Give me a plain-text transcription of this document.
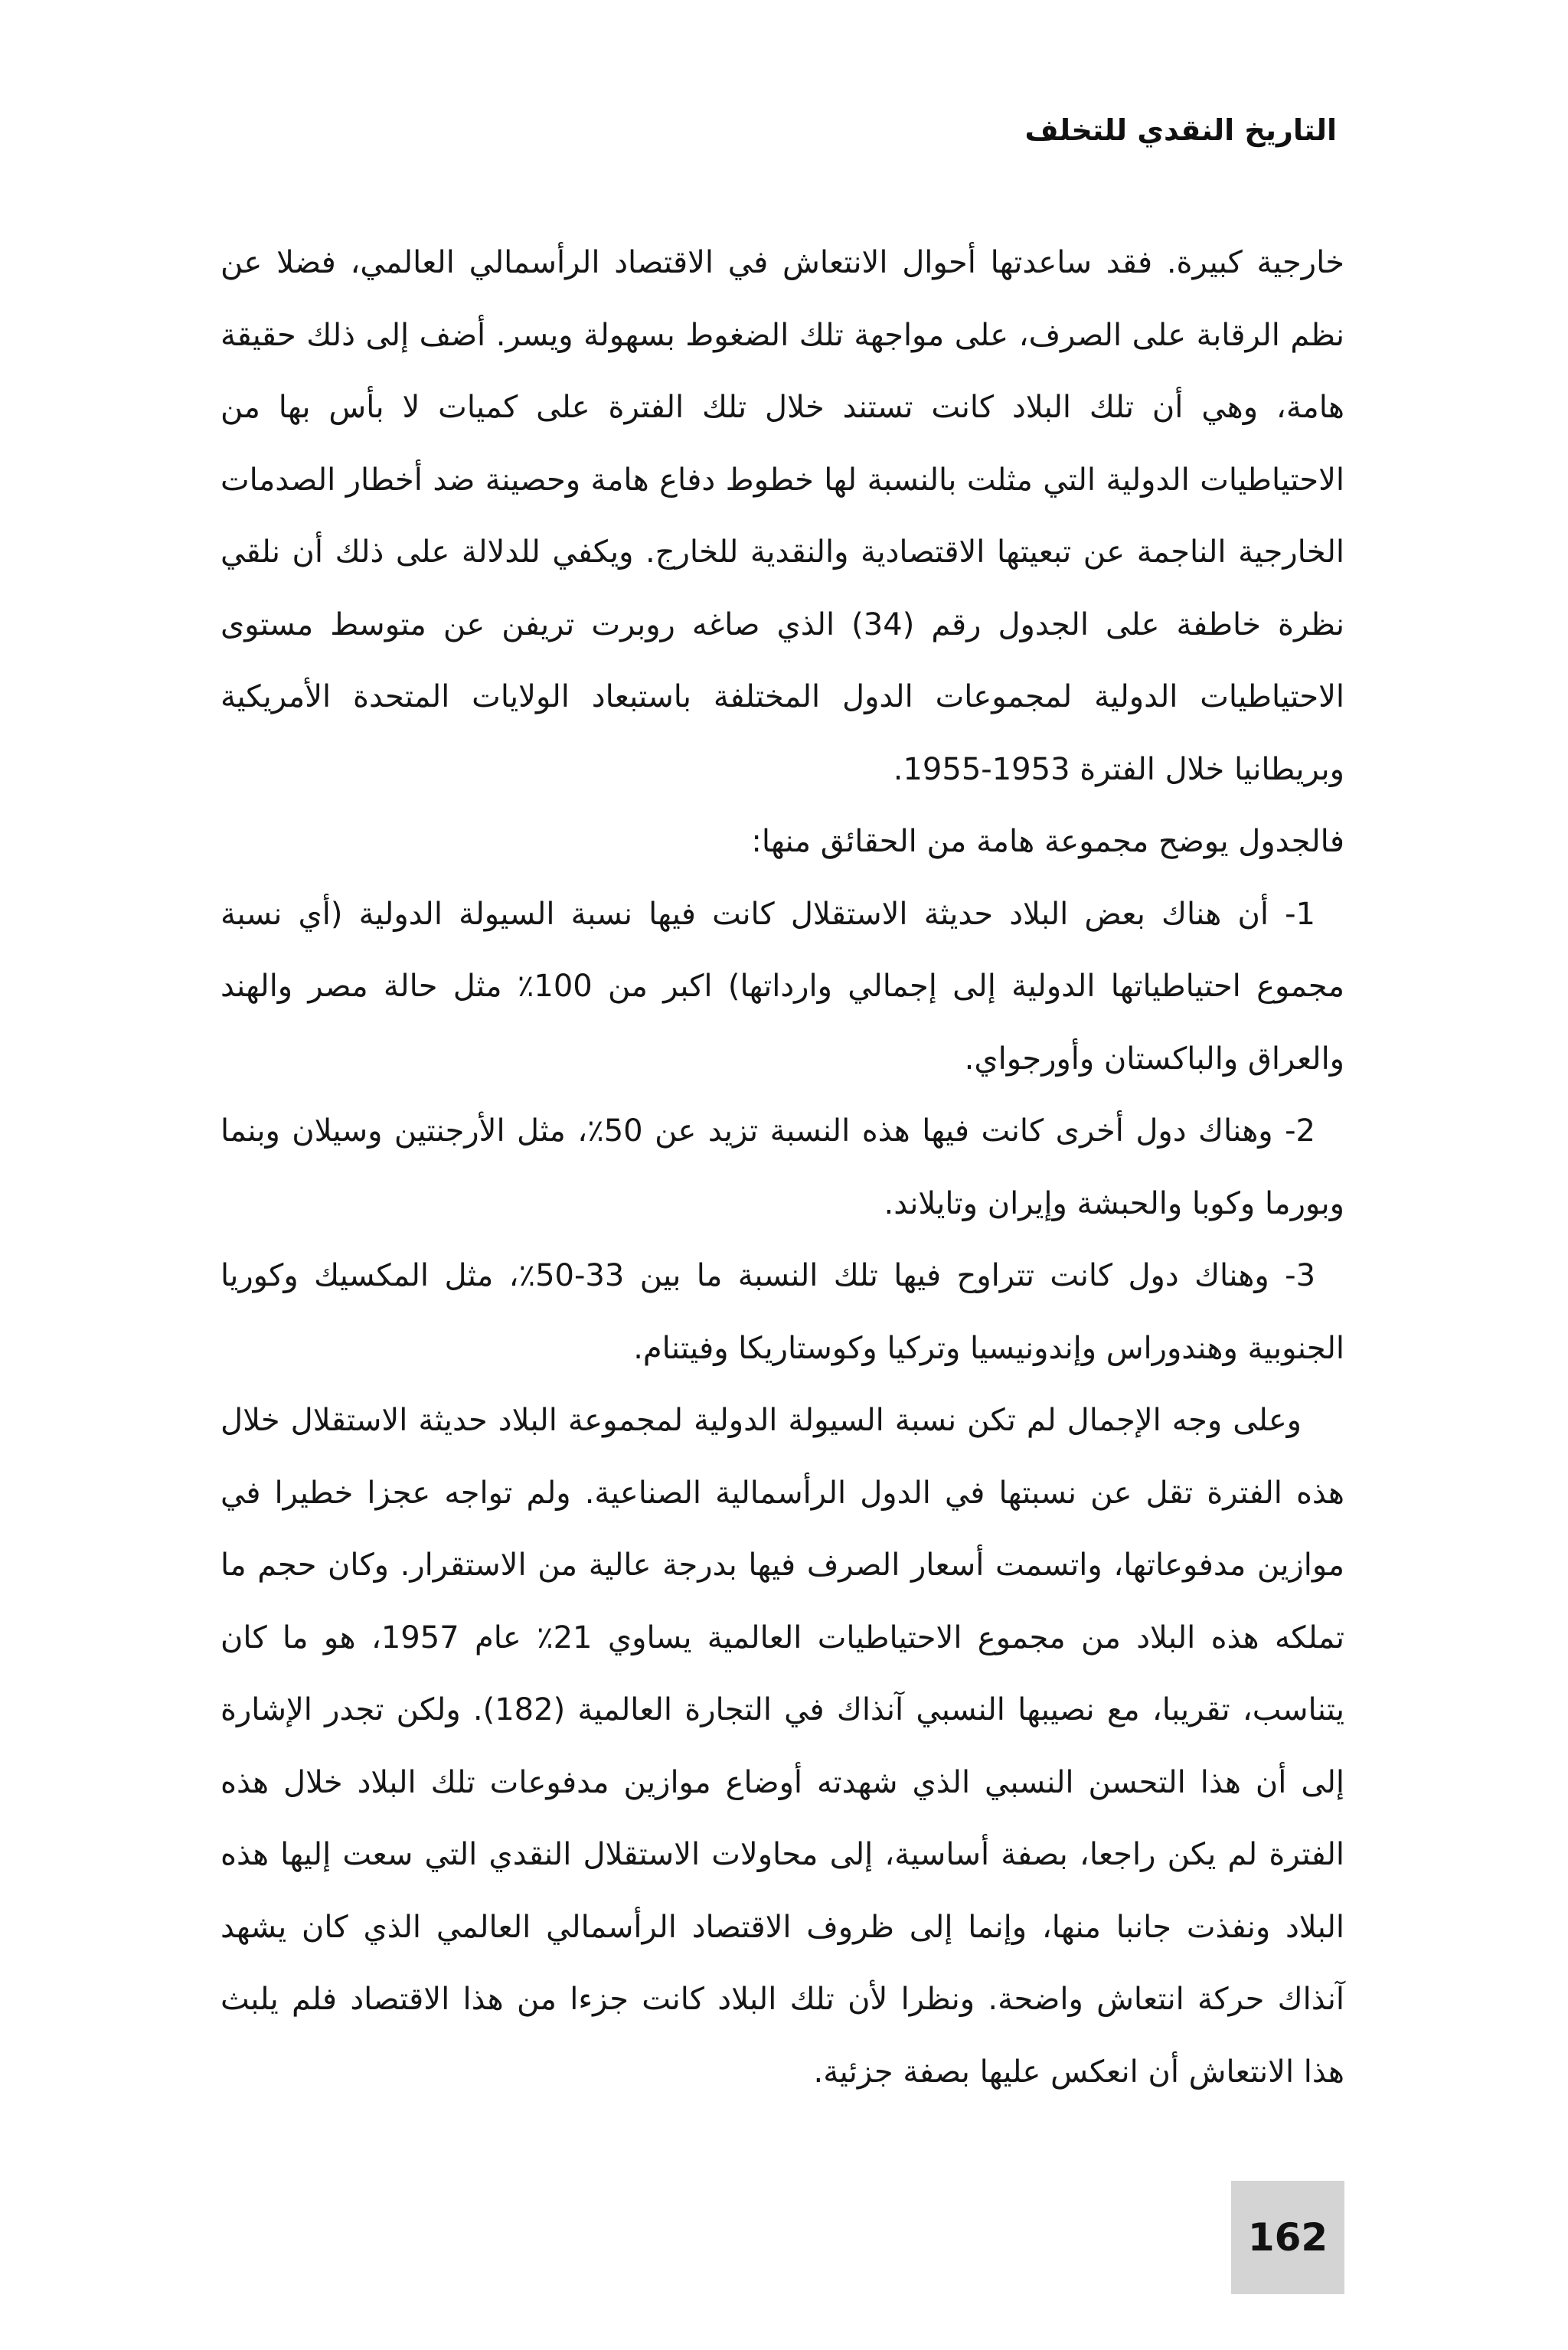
التاريخ النقدي للتخلف

خارجية كبيرة. فقد ساعدتها أحوال الانتعاش في الاقتصاد الرأسمالي العالمي، فضلا عن نظم الرقابة على الصرف، على مواجهة تلك الضغوط بسهولة ويسر. أضف إلى ذلك حقيقة هامة، وهي أن تلك البلاد كانت تستند خلال تلك الفترة على كميات لا بأس بها من الاحتياطيات الدولية التي مثلت بالنسبة لها خطوط دفاع هامة وحصينة ضد أخطار الصدمات الخارجية الناجمة عن تبعيتها الاقتصادية والنقدية للخارج. ويكفي للدلالة على ذلك أن نلقي نظرة خاطفة على الجدول رقم (34) الذي صاغه روبرت تريفن عن متوسط مستوى الاحتياطيات الدولية لمجموعات الدول المختلفة باستبعاد الولايات المتحدة الأمريكية وبريطانيا خلال الفترة 1953-1955.

فالجدول يوضح مجموعة هامة من الحقائق منها:

1- أن هناك بعض البلاد حديثة الاستقلال كانت فيها نسبة السيولة الدولية (أي نسبة مجموع احتياطياتها الدولية إلى إجمالي وارداتها) اكبر من 100٪ مثل حالة مصر والهند والعراق والباكستان وأورجواي.

2- وهناك دول أخرى كانت فيها هذه النسبة تزيد عن 50٪، مثل الأرجنتين وسيلان وبنما وبورما وكوبا والحبشة وإيران وتايلاند.

3- وهناك دول كانت تتراوح فيها تلك النسبة ما بين 33-50٪، مثل المكسيك وكوريا الجنوبية وهندوراس وإندونيسيا وتركيا وكوستاريكا وفيتنام.

وعلى وجه الإجمال لم تكن نسبة السيولة الدولية لمجموعة البلاد حديثة الاستقلال خلال هذه الفترة تقل عن نسبتها في الدول الرأسمالية الصناعية. ولم تواجه عجزا خطيرا في موازين مدفوعاتها، واتسمت أسعار الصرف فيها بدرجة عالية من الاستقرار. وكان حجم ما تملكه هذه البلاد من مجموع الاحتياطيات العالمية يساوي 21٪ عام 1957، هو ما كان يتناسب، تقريبا، مع نصيبها النسبي آنذاك في التجارة العالمية (182). ولكن تجدر الإشارة إلى أن هذا التحسن النسبي الذي شهدته أوضاع موازين مدفوعات تلك البلاد خلال هذه الفترة لم يكن راجعا، بصفة أساسية، إلى محاولات الاستقلال النقدي التي سعت إليها هذه البلاد ونفذت جانبا منها، وإنما إلى ظروف الاقتصاد الرأسمالي العالمي الذي كان يشهد آنذاك حركة انتعاش واضحة. ونظرا لأن تلك البلاد كانت جزءا من هذا الاقتصاد فلم يلبث هذا الانتعاش أن انعكس عليها بصفة جزئية.

162
